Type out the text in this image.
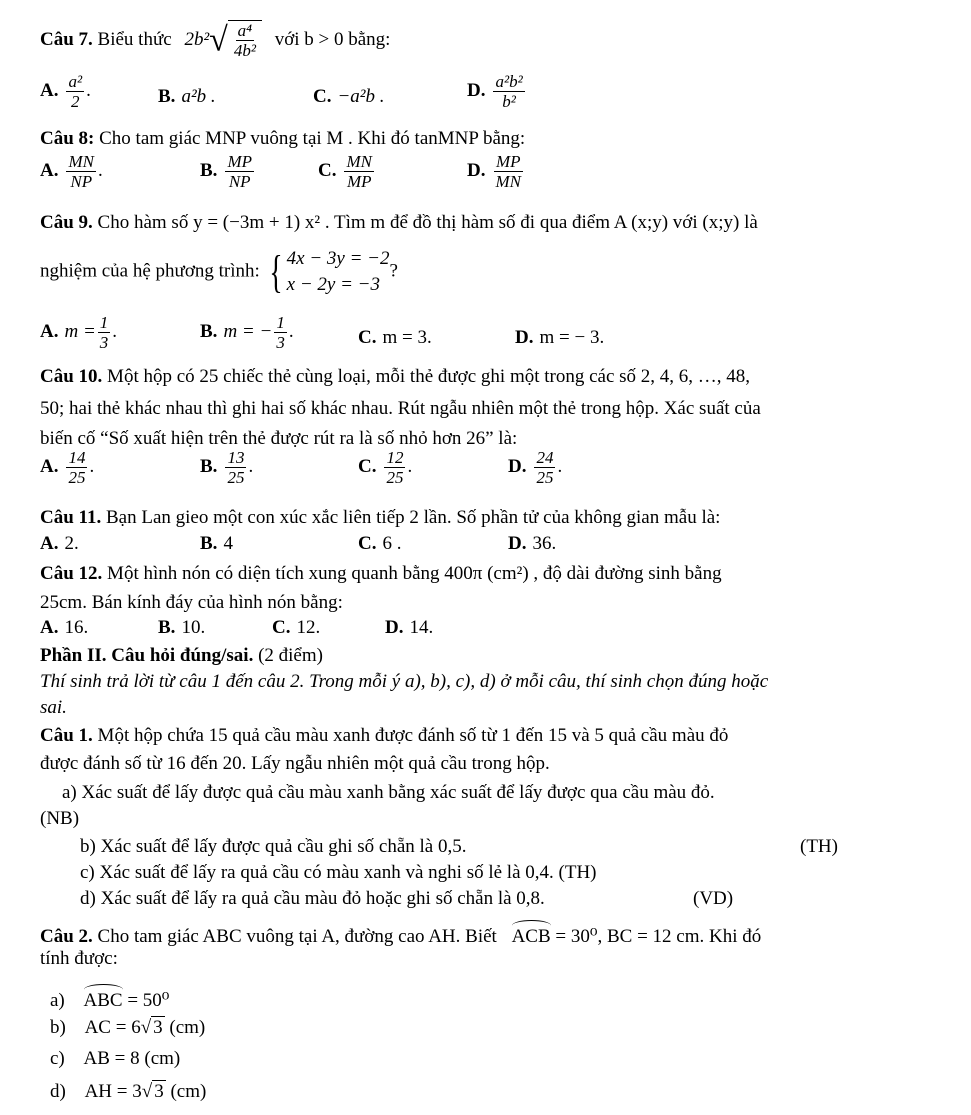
Câu 7. Biểu thức $2b^2√ \frac{\text{a⁴}}{\text{4b²}}$ với b > 0 bằng:
A. $\frac{\text{a²}}{2}$ .	B. a²b .	C. −a²b .	D. $\frac{\text{a²b²}}{\text{b²}}$
Câu 8: Cho tam giác MNP vuông tại M . Khi đó tanMNP bằng:
A. $\frac{MN}{NP}$ .	B. $\frac{MP}{NP}$	C. $\frac{MN}{MP}$	D. $\frac{MP}{MN}$
Câu 9. Cho hàm số y = (−3m + 1) x² . Tìm m để đồ thị hàm số đi qua điểm A (x;y) với (x;y) là
nghiệm của hệ phương trình: { 4x − 3y = −2
x − 2y = −3
?
A. $m = \frac{1}{3}$ .	B. m = − $\frac{1}{3}$ .	C. m = 3.	D. m = − 3.
Câu 10. Một hộp có 25 chiếc thẻ cùng loại, mỗi thẻ được ghi một trong các số 2, 4, 6, …, 48,
50; hai thẻ khác nhau thì ghi hai số khác nhau. Rút ngẫu nhiên một thẻ trong hộp. Xác suất của
biến cố “Số xuất hiện trên thẻ được rút ra là số nhỏ hơn 26” là:
A. $\frac{14}{25}$ .	B. $\frac{13}{25}$ .	C. $\frac{12}{25}$ .	D. $\frac{24}{25}$ .
Câu 11. Bạn Lan gieo một con xúc xắc liên tiếp 2 lần. Số phần tử của không gian mẫu là:
A. 2.	B. 4	C. 6 .	D. 36.
Câu 12. Một hình nón có diện tích xung quanh bằng 400π (cm²) , độ dài đường sinh bằng
25cm. Bán kính đáy của hình nón bằng:
A. 16.	B. 10.	C. 12.	D. 14.
Phần II. Câu hỏi đúng/sai. (2 điểm)
Thí sinh trả lời từ câu 1 đến câu 2. Trong mỗi ý a), b), c), d) ở mỗi câu, thí sinh chọn đúng hoặc
sai.
Câu 1. Một hộp chứa 15 quả cầu màu xanh được đánh số từ 1 đến 15 và 5 quả cầu màu đỏ
được đánh số từ 16 đến 20. Lấy ngẫu nhiên một quả cầu trong hộp.
a) Xác suất để lấy được quả cầu màu xanh bằng xác suất để lấy được qua cầu màu đỏ.
(NB)
b) Xác suất để lấy được quả cầu ghi số chẵn là 0,5.	(TH)
c) Xác suất để lấy ra quả cầu có màu xanh và nghi số lẻ là 0,4. (TH)
d) Xác suất để lấy ra quả cầu màu đỏ hoặc ghi số chẵn là 0,8.	(VD)
Câu 2. Cho tam giác ABC vuông tại A, đường cao AH. Biết ACB = 30⁰, BC = 12 cm. Khi đó
tính được:
a) ABC = 50⁰
b) AC = 6√ 3 (cm)
c) AB = 8 (cm)
d) AH = 3√ 3 (cm)
